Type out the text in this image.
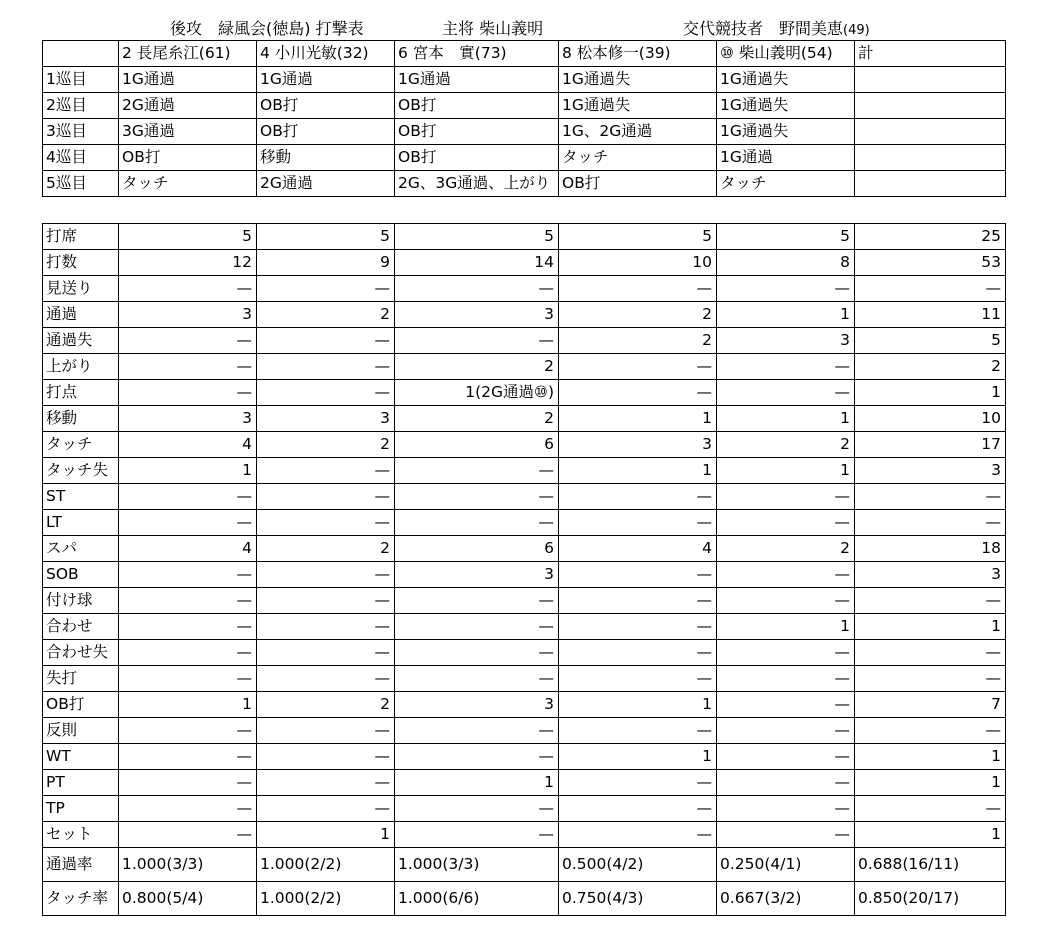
後攻　緑風会(徳島) 打撃表	主将 柴山義明	交代競技者　野間美恵(49)
	2 長尾糸江(61)	4 小川光敏(32)	6 宮本　實(73)	8 松本修一(39)	⑩ 柴山義明(54)	計
1巡目	1G通過	1G通過	1G通過	1G通過失	1G通過失	
2巡目	2G通過	OB打	OB打	1G通過失	1G通過失	
3巡目	3G通過	OB打	OB打	1G、2G通過	1G通過失	
4巡目	OB打	移動	OB打	タッチ	1G通過	
5巡目	タッチ	2G通過	2G、3G通過、上がり	OB打	タッチ	
打席	5	5	5	5	5	25
打数	12	9	14	10	8	53
見送り	—	—	—	—	—	—
通過	3	2	3	2	1	11
通過失	—	—	—	2	3	5
上がり	—	—	2	—	—	2
打点	—	—	1(2G通過⑩)	—	—	1
移動	3	3	2	1	1	10
タッチ	4	2	6	3	2	17
タッチ失	1	—	—	1	1	3
ST	—	—	—	—	—	—
LT	—	—	—	—	—	—
スパ	4	2	6	4	2	18
SOB	—	—	3	—	—	3
付け球	—	—	—	—	—	—
合わせ	—	—	—	—	1	1
合わせ失	—	—	—	—	—	—
失打	—	—	—	—	—	—
OB打	1	2	3	1	—	7
反則	—	—	—	—	—	—
WT	—	—	—	1	—	1
PT	—	—	1	—	—	1
TP	—	—	—	—	—	—
セット	—	1	—	—	—	1
通過率	1.000(3/3)	1.000(2/2)	1.000(3/3)	0.500(4/2)	0.250(4/1)	0.688(16/11)
タッチ率	0.800(5/4)	1.000(2/2)	1.000(6/6)	0.750(4/3)	0.667(3/2)	0.850(20/17)
